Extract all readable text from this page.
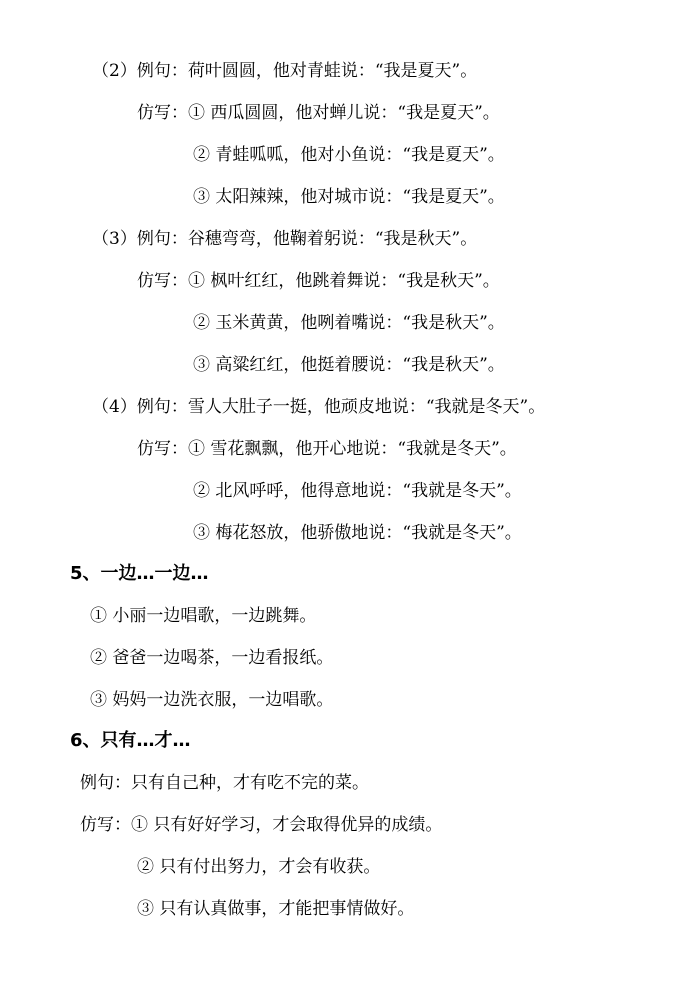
（2）例句：荷叶圆圆，他对青蛙说：“我是夏天”。
仿写：① 西瓜圆圆，他对蝉儿说：“我是夏天”。
② 青蛙呱呱，他对小鱼说：“我是夏天”。
③ 太阳辣辣，他对城市说：“我是夏天”。
（3）例句：谷穗弯弯，他鞠着躬说：“我是秋天”。
仿写：① 枫叶红红，他跳着舞说：“我是秋天”。
② 玉米黄黄，他咧着嘴说：“我是秋天”。
③ 高粱红红，他挺着腰说：“我是秋天”。
（4）例句：雪人大肚子一挺，他顽皮地说：“我就是冬天”。
仿写：① 雪花飘飘，他开心地说：“我就是冬天”。
② 北风呼呼，他得意地说：“我就是冬天”。
③ 梅花怒放，他骄傲地说：“我就是冬天”。
5、一边…一边…
① 小丽一边唱歌，一边跳舞。
② 爸爸一边喝茶，一边看报纸。
③ 妈妈一边洗衣服，一边唱歌。
6、只有…才…
例句：只有自己种，才有吃不完的菜。
仿写：① 只有好好学习，才会取得优异的成绩。
② 只有付出努力，才会有收获。
③ 只有认真做事，才能把事情做好。
